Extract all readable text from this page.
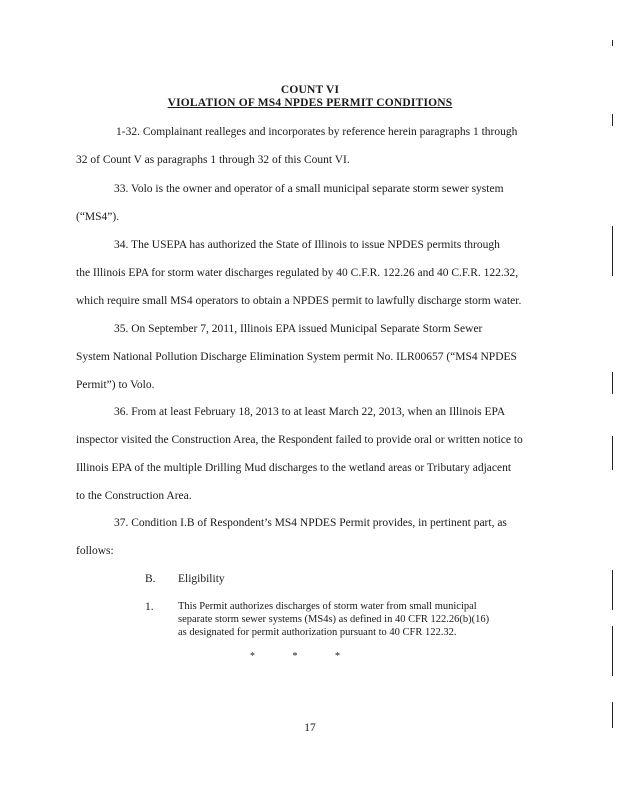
COUNT VI
VIOLATION OF MS4 NPDES PERMIT CONDITIONS
1-32. Complainant realleges and incorporates by reference herein paragraphs 1 through
32 of Count V as paragraphs 1 through 32 of this Count VI.
33. Volo is the owner and operator of a small municipal separate storm sewer system
(“MS4”).
34. The USEPA has authorized the State of Illinois to issue NPDES permits through
the Illinois EPA for storm water discharges regulated by 40 C.F.R. 122.26 and 40 C.F.R. 122.32,
which require small MS4 operators to obtain a NPDES permit to lawfully discharge storm water.
35. On September 7, 2011, Illinois EPA issued Municipal Separate Storm Sewer
System National Pollution Discharge Elimination System permit No. ILR00657 (“MS4 NPDES
Permit”) to Volo.
36. From at least February 18, 2013 to at least March 22, 2013, when an Illinois EPA
inspector visited the Construction Area, the Respondent failed to provide oral or written notice to
Illinois EPA of the multiple Drilling Mud discharges to the wetland areas or Tributary adjacent
to the Construction Area.
37. Condition I.B of Respondent’s MS4 NPDES Permit provides, in pertinent part, as
follows:
B. Eligibility
1. This Permit authorizes discharges of storm water from small municipal
separate storm sewer systems (MS4s) as defined in 40 CFR 122.26(b)(16)
as designated for permit authorization pursuant to 40 CFR 122.32.
*	*	*
17
